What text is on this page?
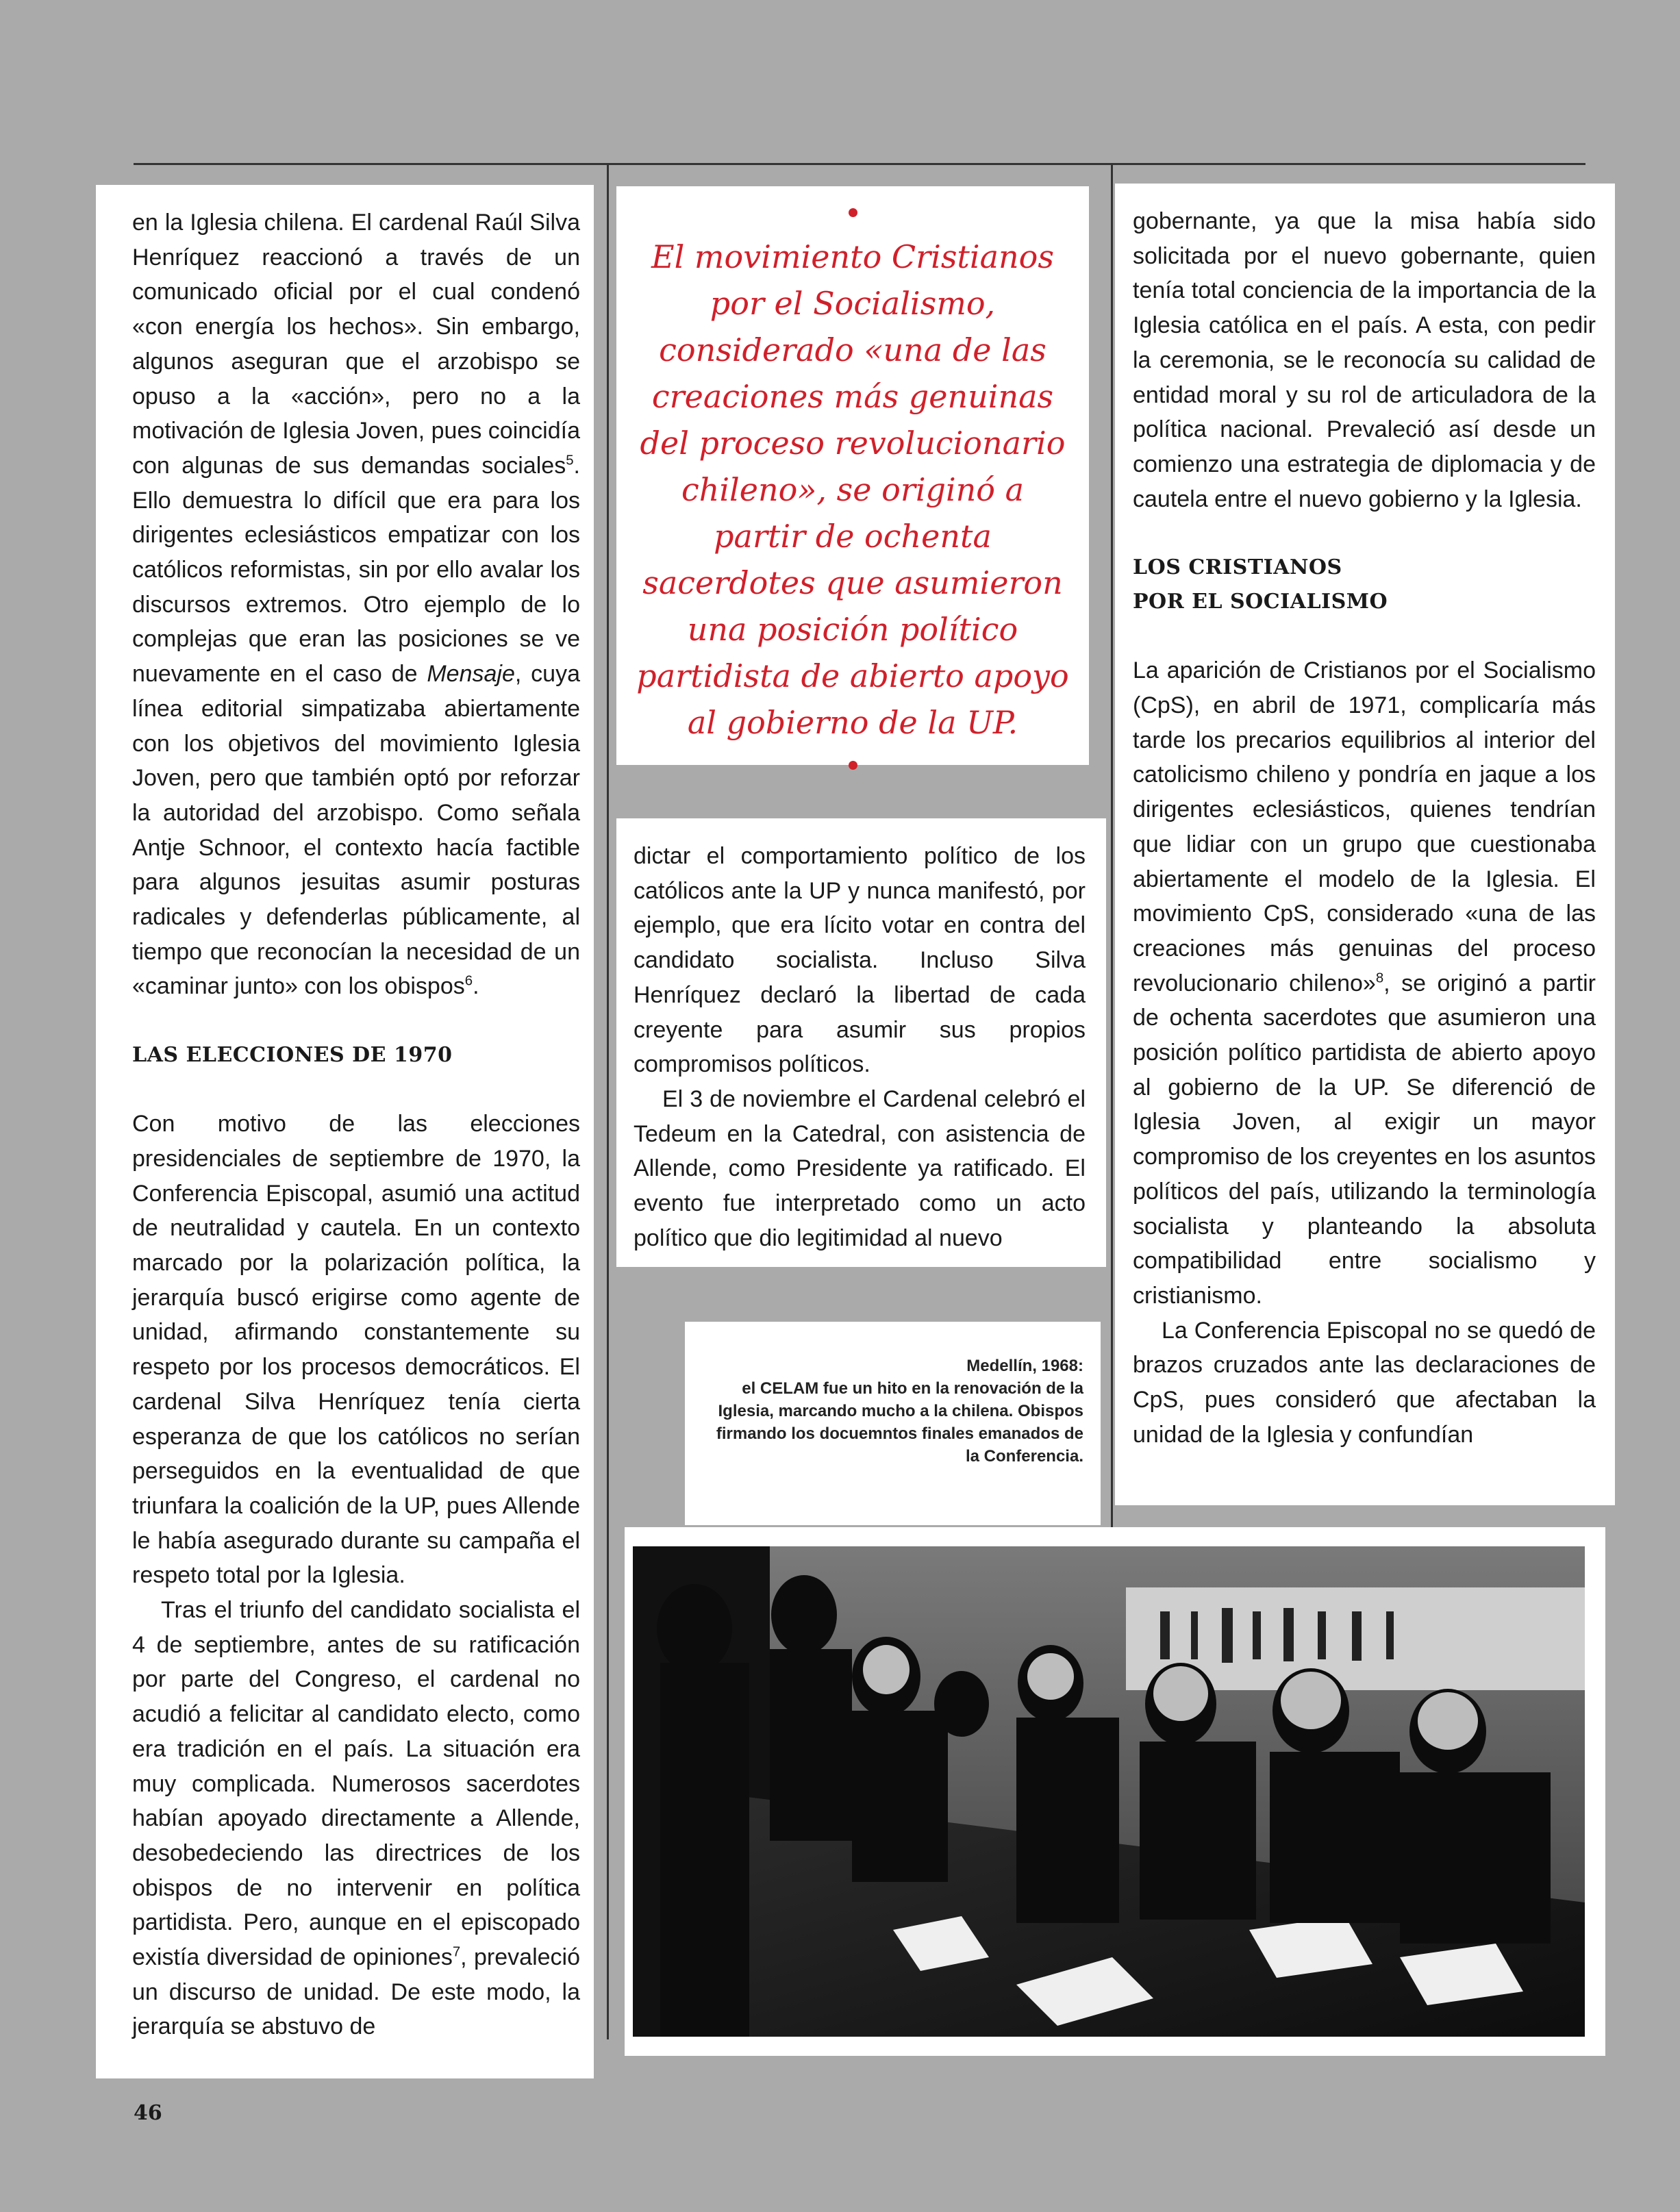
en la Iglesia chilena. El cardenal Raúl Silva Henríquez reaccionó a través de un comunicado oficial por el cual condenó «con energía los hechos». Sin embargo, algunos aseguran que el arzobispo se opuso a la «acción», pero no a la motivación de Iglesia Joven, pues coincidía con algunas de sus demandas sociales$^5$. Ello demuestra lo difícil que era para los dirigentes eclesiásticos empatizar con los católicos reformistas, sin por ello avalar los discursos extremos. Otro ejemplo de lo complejas que eran las posiciones se ve nuevamente en el caso de Mensaje, cuya línea editorial simpatizaba abiertamente con los objetivos del movimiento Iglesia Joven, pero que también optó por reforzar la autoridad del arzobispo. Como señala Antje Schnoor, el contexto hacía factible para algunos jesuitas asumir posturas radicales y defenderlas públicamente, al tiempo que reconocían la necesidad de un «caminar junto» con los obispos$^6$.

LAS ELECCIONES DE 1970

Con motivo de las elecciones presidenciales de septiembre de 1970, la Conferencia Episcopal, asumió una actitud de neutralidad y cautela. En un contexto marcado por la polarización política, la jerarquía buscó erigirse como agente de unidad, afirmando constantemente su respeto por los procesos democráticos. El cardenal Silva Henríquez tenía cierta esperanza de que los católicos no serían perseguidos en la eventualidad de que triunfara la coalición de la UP, pues Allende le había asegurado durante su campaña el respeto total por la Iglesia.

Tras el triunfo del candidato socialista el 4 de septiembre, antes de su ratificación por parte del Congreso, el cardenal no acudió a felicitar al candidato electo, como era tradición en el país. La situación era muy complicada. Numerosos sacerdotes habían apoyado directamente a Allende, desobedeciendo las directrices de los obispos de no intervenir en política partidista. Pero, aunque en el episcopado existía diversidad de opiniones$^7$, prevaleció un discurso de unidad. De este modo, la jerarquía se abstuvo de

El movimiento Cristianos por el Socialismo, considerado «una de las creaciones más genuinas del proceso revolucionario chileno», se originó a partir de ochenta sacerdotes que asumieron una posición político partidista de abierto apoyo al gobierno de la UP.

dictar el comportamiento político de los católicos ante la UP y nunca manifestó, por ejemplo, que era lícito votar en contra del candidato socialista. Incluso Silva Henríquez declaró la libertad de cada creyente para asumir sus propios compromisos políticos.

El 3 de noviembre el Cardenal celebró el Tedeum en la Catedral, con asistencia de Allende, como Presidente ya ratificado. El evento fue interpretado como un acto político que dio legitimidad al nuevo

Medellín, 1968:
el CELAM fue un hito en la renovación de la Iglesia, marcando mucho a la chilena. Obispos firmando los docuemntos finales emanados de la Conferencia.

gobernante, ya que la misa había sido solicitada por el nuevo gobernante, quien tenía total conciencia de la importancia de la Iglesia católica en el país. A esta, con pedir la ceremonia, se le reconocía su calidad de entidad moral y su rol de articuladora de la política nacional. Prevaleció así desde un comienzo una estrategia de diplomacia y de cautela entre el nuevo gobierno y la Iglesia.

LOS CRISTIANOS
POR EL SOCIALISMO

La aparición de Cristianos por el Socialismo (CpS), en abril de 1971, complicaría más tarde los precarios equilibrios al interior del catolicismo chileno y pondría en jaque a los dirigentes eclesiásticos, quienes tendrían que lidiar con un grupo que cuestionaba abiertamente el modelo de la Iglesia. El movimiento CpS, considerado «una de las creaciones más genuinas del proceso revolucionario chileno»$^8$, se originó a partir de ochenta sacerdotes que asumieron una posición político partidista de abierto apoyo al gobierno de la UP. Se diferenció de Iglesia Joven, al exigir un mayor compromiso de los creyentes en los asuntos políticos del país, utilizando la terminología socialista y planteando la absoluta compatibilidad entre socialismo y cristianismo.

La Conferencia Episcopal no se quedó de brazos cruzados ante las declaraciones de CpS, pues consideró que afectaban la unidad de la Iglesia y confundían

46
